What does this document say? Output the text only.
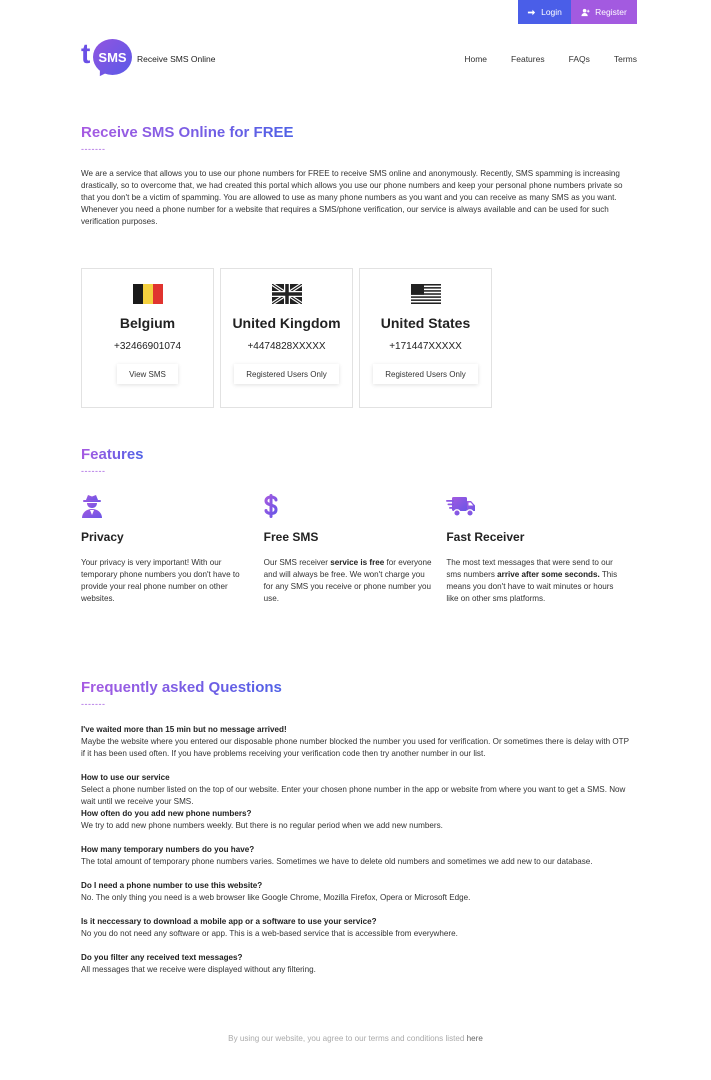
Login	Register
SMS
t	Receive SMS Online	Home	Features	FAQs	Terms
Receive SMS Online for FREE
-------

We are a service that allows you to use our phone numbers for FREE to receive SMS online and anonymously. Recently, SMS spamming is increasing drastically, so to overcome that, we had created this portal which allows you use our phone numbers and keep your personal phone numbers private so that you don't be a victim of spamming. You are allowed to use as many phone numbers as you want and you can receive as many SMS as you want. Whenever you need a phone number for a website that requires a SMS/phone verification, our service is always available and can be used for such verification purposes.

Belgium
+32466901074
View SMS
United Kingdom
+4474828XXXXX
Registered Users Only
United States
+171447XXXXX
Registered Users Only
Features
-------
Privacy

Your privacy is very important! With our temporary phone numbers you don't have to provide your real phone number on other websites.

Free SMS

Our SMS receiver service is free for everyone and will always be free. We won't charge you for any SMS you receive or phone number you use.

Fast Receiver

The most text messages that were send to our sms numbers arrive after some seconds. This means you don't have to wait minutes or hours like on other sms platforms.

Frequently asked Questions
-------
I've waited more than 15 min but no message arrived!
Maybe the website where you entered our disposable phone number blocked the number you used for verification. Or sometimes there is delay with OTP if it has been used often. If you have problems receiving your verification code then try another number in our list.
How to use our service
Select a phone number listed on the top of our website. Enter your chosen phone number in the app or website from where you want to get a SMS. Now wait until we receive your SMS.
How often do you add new phone numbers?
We try to add new phone numbers weekly. But there is no regular period when we add new numbers.
How many temporary numbers do you have?
The total amount of temporary phone numbers varies. Sometimes we have to delete old numbers and sometimes we add new to our database.
Do I need a phone number to use this website?
No. The only thing you need is a web browser like Google Chrome, Mozilla Firefox, Opera or Microsoft Edge.
Is it neccessary to download a mobile app or a software to use your service?
No you do not need any software or app. This is a web-based service that is accessible from everywhere.
Do you filter any received text messages?
All messages that we receive were displayed without any filtering.
By using our website, you agree to our terms and conditions listed here
